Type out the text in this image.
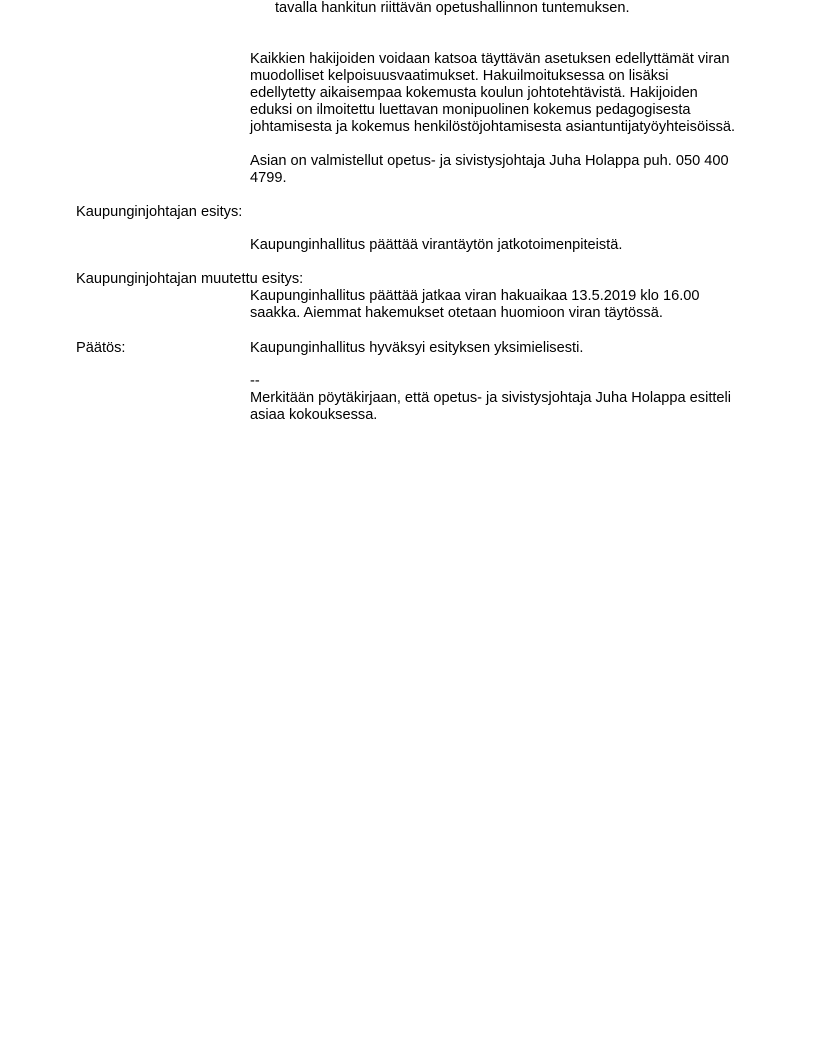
tavalla hankitun riittävän opetushallinnon tuntemuksen.
Kaikkien hakijoiden voidaan katsoa täyttävän asetuksen edellyttämät viran
muodolliset kelpoisuusvaatimukset. Hakuilmoituksessa on lisäksi
edellytetty aikaisempaa kokemusta koulun johtotehtävistä. Hakijoiden
eduksi on ilmoitettu luettavan monipuolinen kokemus pedagogisesta
johtamisesta ja kokemus henkilöstöjohtamisesta asiantuntijatyöyhteisöissä.
Asian on valmistellut opetus- ja sivistysjohtaja Juha Holappa puh. 050 400
4799.
Kaupunginjohtajan esitys:
Kaupunginhallitus päättää virantäytön jatkotoimenpiteistä.
Kaupunginjohtajan muutettu esitys:
Kaupunginhallitus päättää jatkaa viran hakuaikaa 13.5.2019 klo 16.00
saakka. Aiemmat hakemukset otetaan huomioon viran täytössä.
Päätös:	Kaupunginhallitus hyväksyi esityksen yksimielisesti.
--
Merkitään pöytäkirjaan, että opetus- ja sivistysjohtaja Juha Holappa esitteli
asiaa kokouksessa.
